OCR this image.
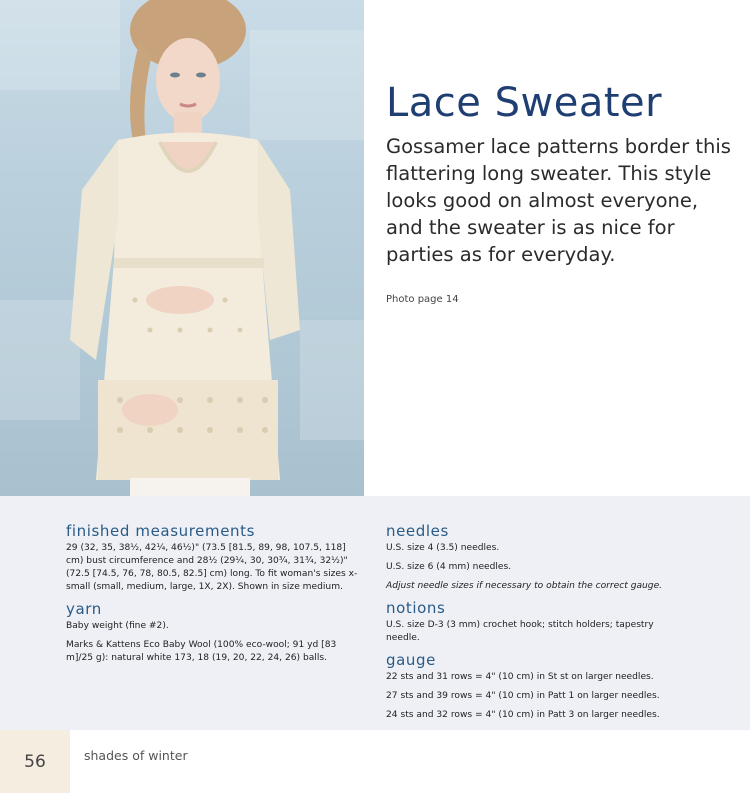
Lace Sweater

Gossamer lace patterns border this flattering long sweater. This style looks good on almost everyone, and the sweater is as nice for parties as for everyday.

Photo page 14

finished measurements

29 (32, 35, 38½, 42¼, 46½)" (73.5 [81.5, 89, 98, 107.5, 118] cm) bust circumference and 28½ (29¼, 30, 30¾, 31¾, 32½)" (72.5 [74.5, 76, 78, 80.5, 82.5] cm) long. To fit woman's sizes x-small (small, medium, large, 1X, 2X). Shown in size medium.

yarn

Baby weight (fine #2).

Marks & Kattens Eco Baby Wool (100% eco-wool; 91 yd [83 m]/25 g): natural white 173, 18 (19, 20, 22, 24, 26) balls.

needles

U.S. size 4 (3.5) needles.

U.S. size 6 (4 mm) needles.

Adjust needle sizes if necessary to obtain the correct gauge.

notions

U.S. size D-3 (3 mm) crochet hook; stitch holders; tapestry needle.

gauge

22 sts and 31 rows = 4" (10 cm) in St st on larger needles.

27 sts and 39 rows = 4" (10 cm) in Patt 1 on larger needles.

24 sts and 32 rows = 4" (10 cm) in Patt 3 on larger needles.

56	shades of winter
